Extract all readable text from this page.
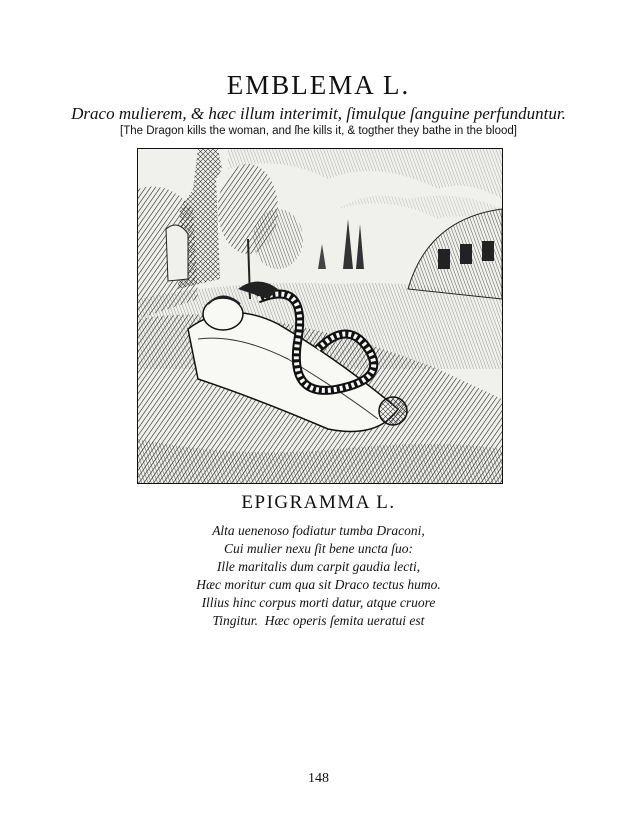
EMBLEMA L.
Draco mulierem, & hæc illum interimit, ſimulque ſanguine perfunduntur.
[The Dragon kills the woman, and ſhe kills it, & togther they bathe in the blood]
EPIGRAMMA L.
Alta uenenoso fodiatur tumba Draconi,
Cui mulier nexu ſit bene uncta ſuo:
Ille maritalis dum carpit gaudia lecti,
Hæc moritur cum qua sit Draco tectus humo.
Illius hinc corpus morti datur, atque cruore
Tingitur.  Hæc operis ſemita ueratui est
148
